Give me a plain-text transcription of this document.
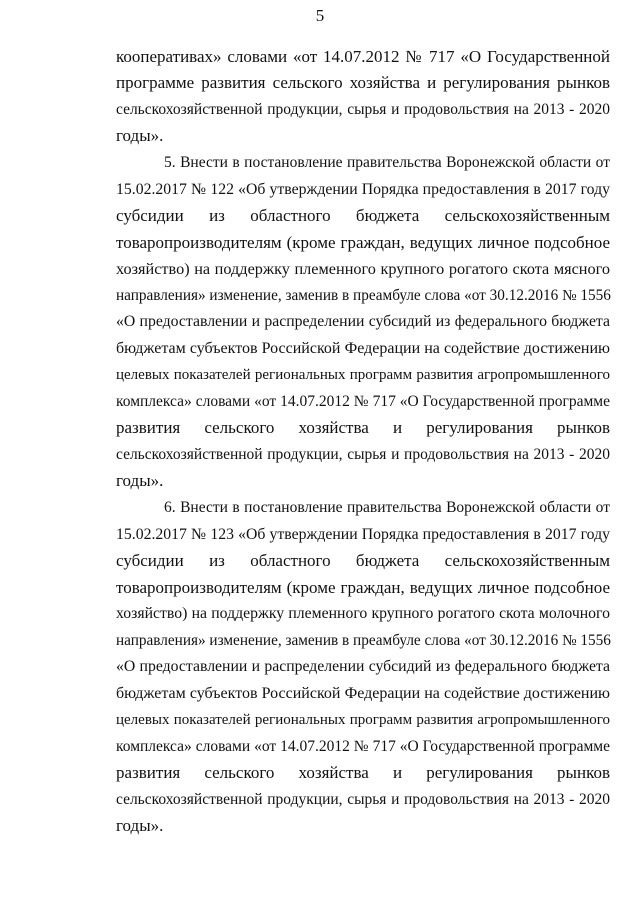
5
кооперативах» словами «от 14.07.2012 № 717 «О Государственной
программе развития сельского хозяйства и регулирования рынков
сельскохозяйственной продукции, сырья и продовольствия на 2013 - 2020
годы».
5. Внести в постановление правительства Воронежской области от
15.02.2017 № 122 «Об утверждении Порядка предоставления в 2017 году
субсидии из областного бюджета сельскохозяйственным
товаропроизводителям (кроме граждан, ведущих личное подсобное
хозяйство) на поддержку племенного крупного рогатого скота мясного
направления» изменение, заменив в преамбуле слова «от 30.12.2016 № 1556
«О предоставлении и распределении субсидий из федерального бюджета
бюджетам субъектов Российской Федерации на содействие достижению
целевых показателей региональных программ развития агропромышленного
комплекса» словами «от 14.07.2012 № 717 «О Государственной программе
развития сельского хозяйства и регулирования рынков
сельскохозяйственной продукции, сырья и продовольствия на 2013 - 2020
годы».
6. Внести в постановление правительства Воронежской области от
15.02.2017 № 123 «Об утверждении Порядка предоставления в 2017 году
субсидии из областного бюджета сельскохозяйственным
товаропроизводителям (кроме граждан, ведущих личное подсобное
хозяйство) на поддержку племенного крупного рогатого скота молочного
направления» изменение, заменив в преамбуле слова «от 30.12.2016 № 1556
«О предоставлении и распределении субсидий из федерального бюджета
бюджетам субъектов Российской Федерации на содействие достижению
целевых показателей региональных программ развития агропромышленного
комплекса» словами «от 14.07.2012 № 717 «О Государственной программе
развития сельского хозяйства и регулирования рынков
сельскохозяйственной продукции, сырья и продовольствия на 2013 - 2020
годы».
